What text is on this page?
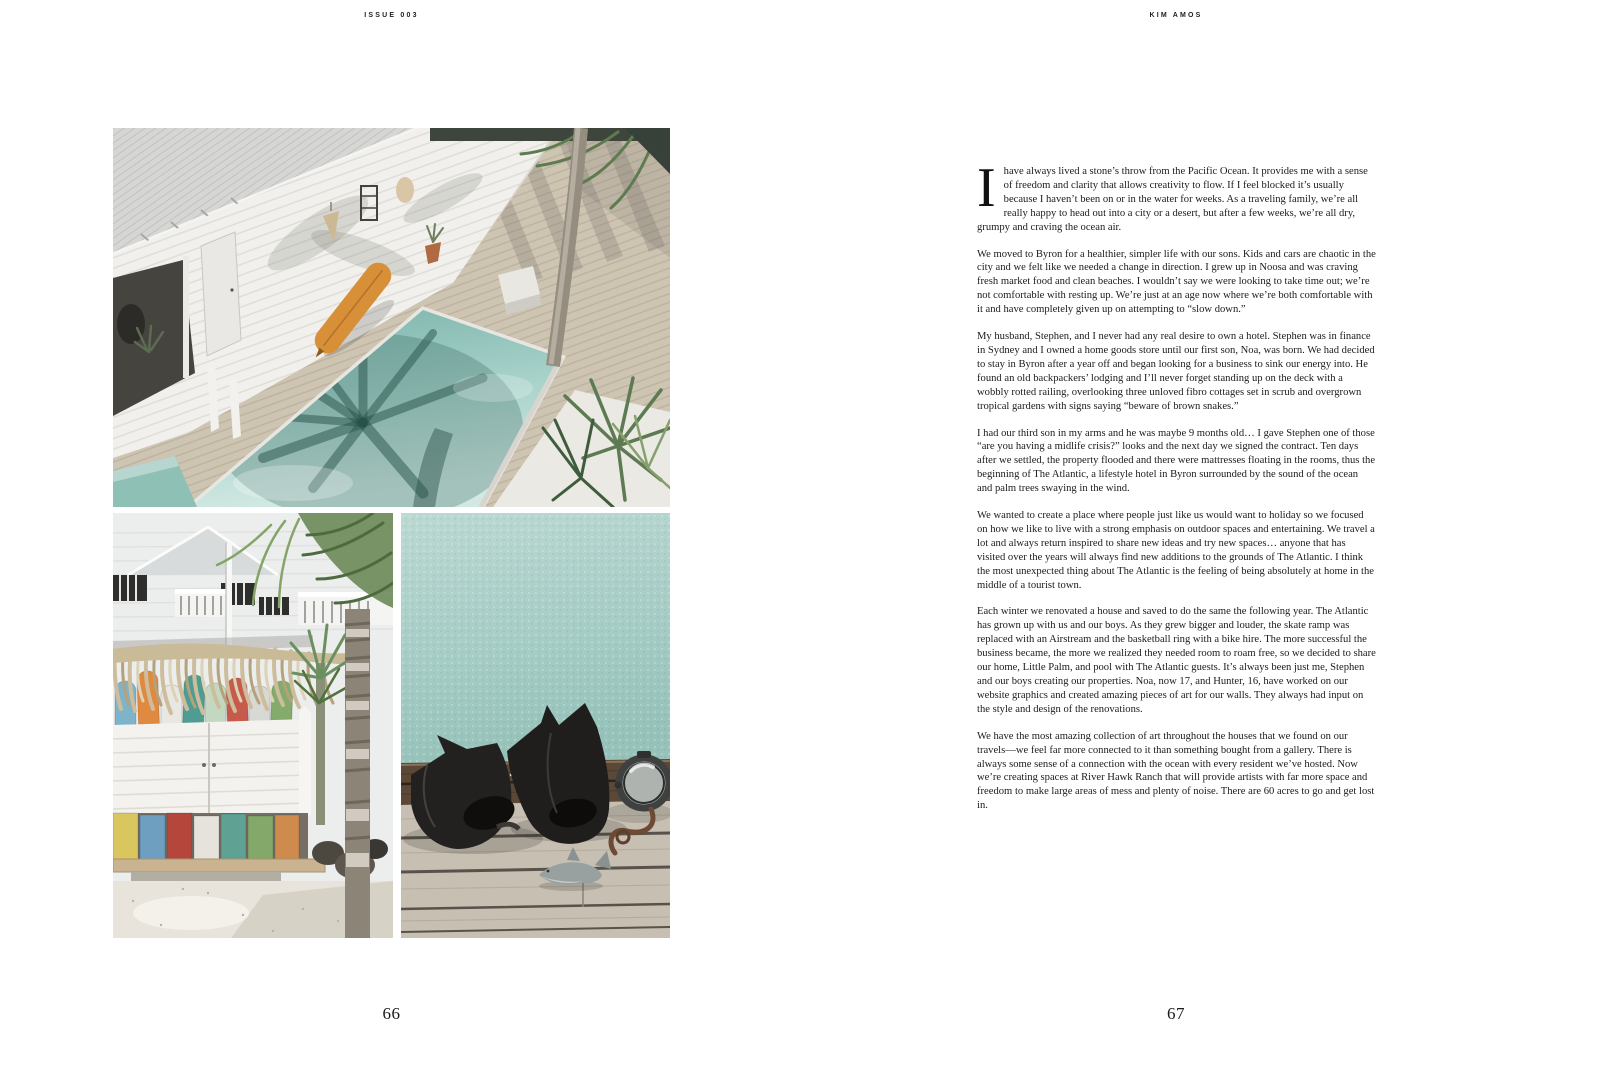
ISSUE 003	KIM AMOS

Ihave always lived a stone’s throw from the Pacific Ocean. It provides me with a sense of freedom and clarity that allows creativity to flow. If I feel blocked it’s usually because I haven’t been on or in the water for weeks. As a traveling family, we’re all really happy to head out into a city or a desert, but after a few weeks, we’re all dry, grumpy and craving the ocean air.

We moved to Byron for a healthier, simpler life with our sons. Kids and cars are chaotic in the city and we felt like we needed a change in direction. I grew up in Noosa and was craving fresh market food and clean beaches. I wouldn’t say we were looking to take time out; we’re not comfortable with resting up. We’re just at an age now where we’re both comfortable with it and have completely given up on attempting to “slow down.”

My husband, Stephen, and I never had any real desire to own a hotel. Stephen was in finance in Sydney and I owned a home goods store until our first son, Noa, was born. We had decided to stay in Byron after a year off and began looking for a business to sink our energy into. He found an old backpackers’ lodging and I’ll never forget standing up on the deck with a wobbly rotted railing, overlooking three unloved fibro cottages set in scrub and overgrown tropical gardens with signs saying “beware of brown snakes.”

I had our third son in my arms and he was maybe 9 months old… I gave Stephen one of those “are you having a midlife crisis?” looks and the next day we signed the contract. Ten days after we settled, the property flooded and there were mattresses floating in the rooms, thus the beginning of The Atlantic, a lifestyle hotel in Byron surrounded by the sound of the ocean and palm trees swaying in the wind.

We wanted to create a place where people just like us would want to holiday so we focused on how we like to live with a strong emphasis on outdoor spaces and entertaining. We travel a lot and always return inspired to share new ideas and try new spaces… anyone that has visited over the years will always find new additions to the grounds of The Atlantic. I think the most unexpected thing about The Atlantic is the feeling of being absolutely at home in the middle of a tourist town.

Each winter we renovated a house and saved to do the same the following year. The Atlantic has grown up with us and our boys. As they grew bigger and louder, the skate ramp was replaced with an Airstream and the basketball ring with a bike hire. The more successful the business became, the more we realized they needed room to roam free, so we decided to share our home, Little Palm, and pool with The Atlantic guests. It’s always been just me, Stephen and our boys creating our properties. Noa, now 17, and Hunter, 16, have worked on our website graphics and created amazing pieces of art for our walls. They always had input on the style and design of the renovations.

We have the most amazing collection of art throughout the houses that we found on our travels—we feel far more connected to it than something bought from a gallery. There is always some sense of a connection with the ocean with every resident we’ve hosted. Now we’re creating spaces at River Hawk Ranch that will provide artists with far more space and freedom to make large areas of mess and plenty of noise. There are 60 acres to go and get lost in.

66	67
